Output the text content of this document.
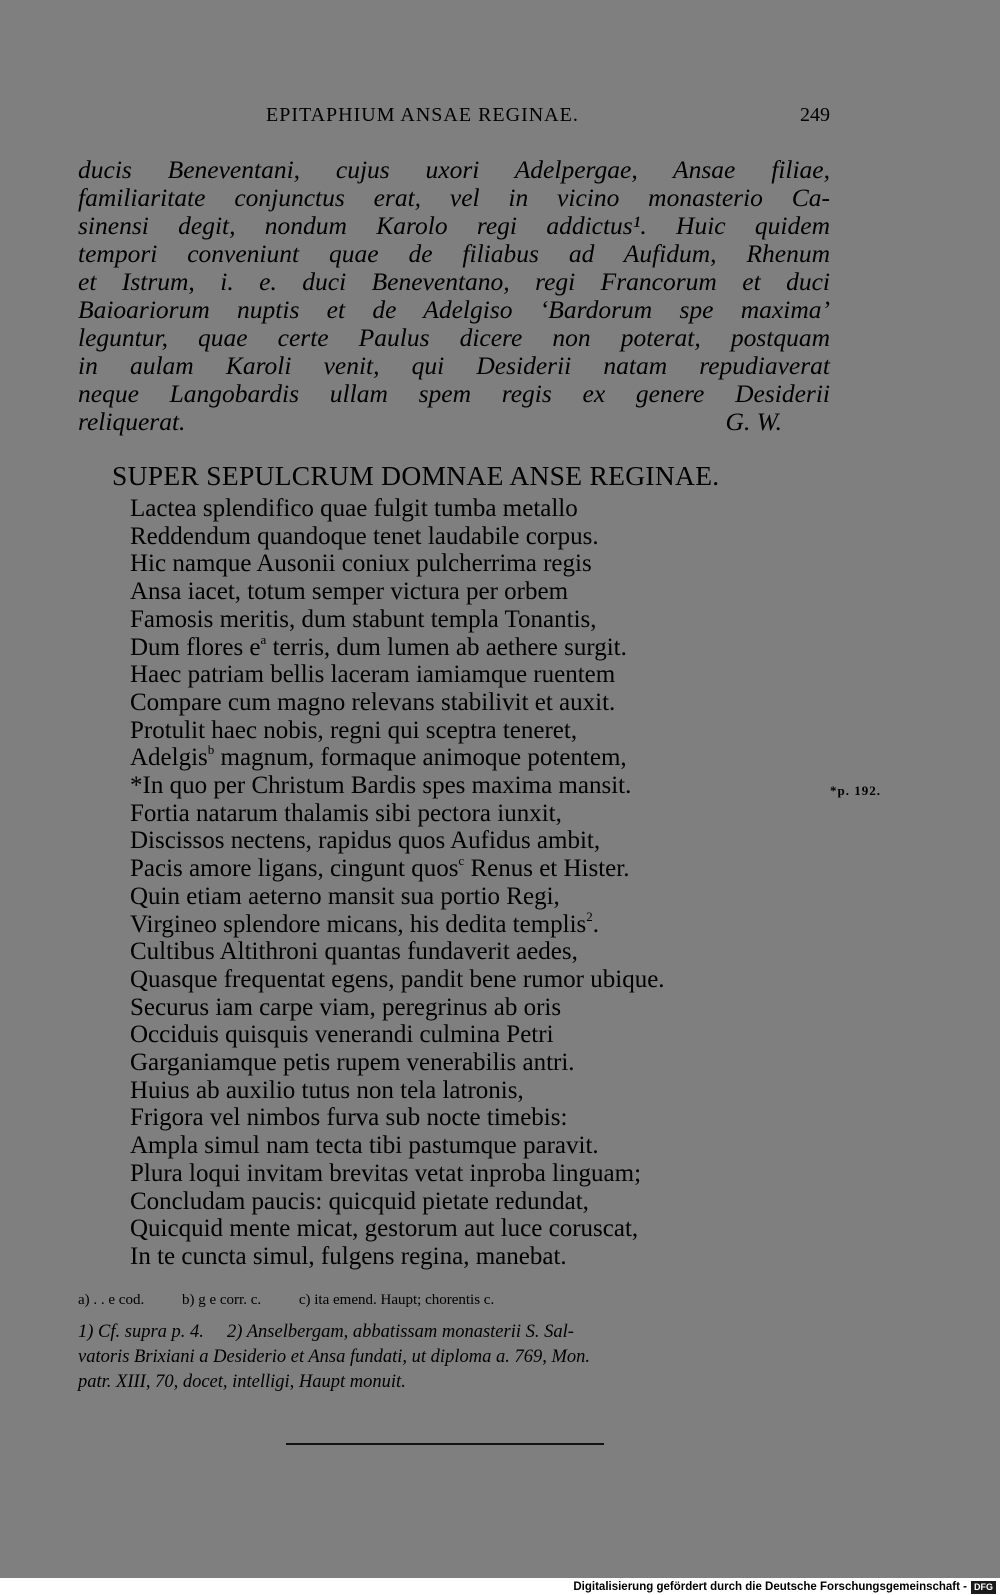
EPITAPHIUM ANSAE REGINAE.	249
ducis Beneventani, cujus uxori Adelpergae, Ansae filiae,
familiaritate conjunctus erat, vel in vicino monasterio Ca-
sinensi degit, nondum Karolo regi addictus¹. Huic quidem
tempori conveniunt quae de filiabus ad Aufidum, Rhenum
et Istrum, i. e. duci Beneventano, regi Francorum et duci
Baioariorum nuptis et de Adelgiso ‘Bardorum spe maxima’
leguntur, quae certe Paulus dicere non poterat, postquam
in aulam Karoli venit, qui Desiderii natam repudiaverat
neque Langobardis ullam spem regis ex genere Desiderii
reliquerat.	G. W.
SUPER SEPULCRUM DOMNAE ANSE REGINAE.
Lactea splendifico quae fulgit tumba metallo
Reddendum quandoque tenet laudabile corpus.
Hic namque Ausonii coniux pulcherrima regis
Ansa iacet, totum semper victura per orbem
Famosis meritis, dum stabunt templa Tonantis,
Dum flores $e^a$ terris, dum lumen ab aethere surgit.
Haec patriam bellis laceram iamiamque ruentem
Compare cum magno relevans stabilivit et auxit.
Protulit haec nobis, regni qui sceptra teneret,
Adelgis$^b$ magnum, formaque animoque potentem,
*In quo per Christum Bardis spes maxima mansit.
Fortia natarum thalamis sibi pectora iunxit,
Discissos nectens, rapidus quos Aufidus ambit,
Pacis amore ligans, cingunt quos$^c$ Renus et Hister.
Quin etiam aeterno mansit sua portio Regi,
Virgineo splendore micans, his dedita templis$^2$.
Cultibus Altithroni quantas fundaverit aedes,
Quasque frequentat egens, pandit bene rumor ubique.
Securus iam carpe viam, peregrinus ab oris
Occiduis quisquis venerandi culmina Petri
Garganiamque petis rupem venerabilis antri.
Huius ab auxilio tutus non tela latronis,
Frigora vel nimbos furva sub nocte timebis:
Ampla simul nam tecta tibi pastumque paravit.
Plura loqui invitam brevitas vetat inproba linguam;
Concludam paucis: quicquid pietate redundat,
Quicquid mente micat, gestorum aut luce coruscat,
In te cuncta simul, fulgens regina, manebat.
*p. 192.
a) . . e cod.	b) g e corr. c.	c) ita emend. Haupt; chorentis c.
1) Cf. supra p. 4.     2) Anselbergam, abbatissam monasterii S. Sal-
vatoris Brixiani a Desiderio et Ansa fundati, ut diploma a. 769, Mon.
patr. XIII, 70, docet, intelligi, Haupt monuit.
Digitalisierung gefördert durch die Deutsche Forschungsgemeinschaft - DFG
